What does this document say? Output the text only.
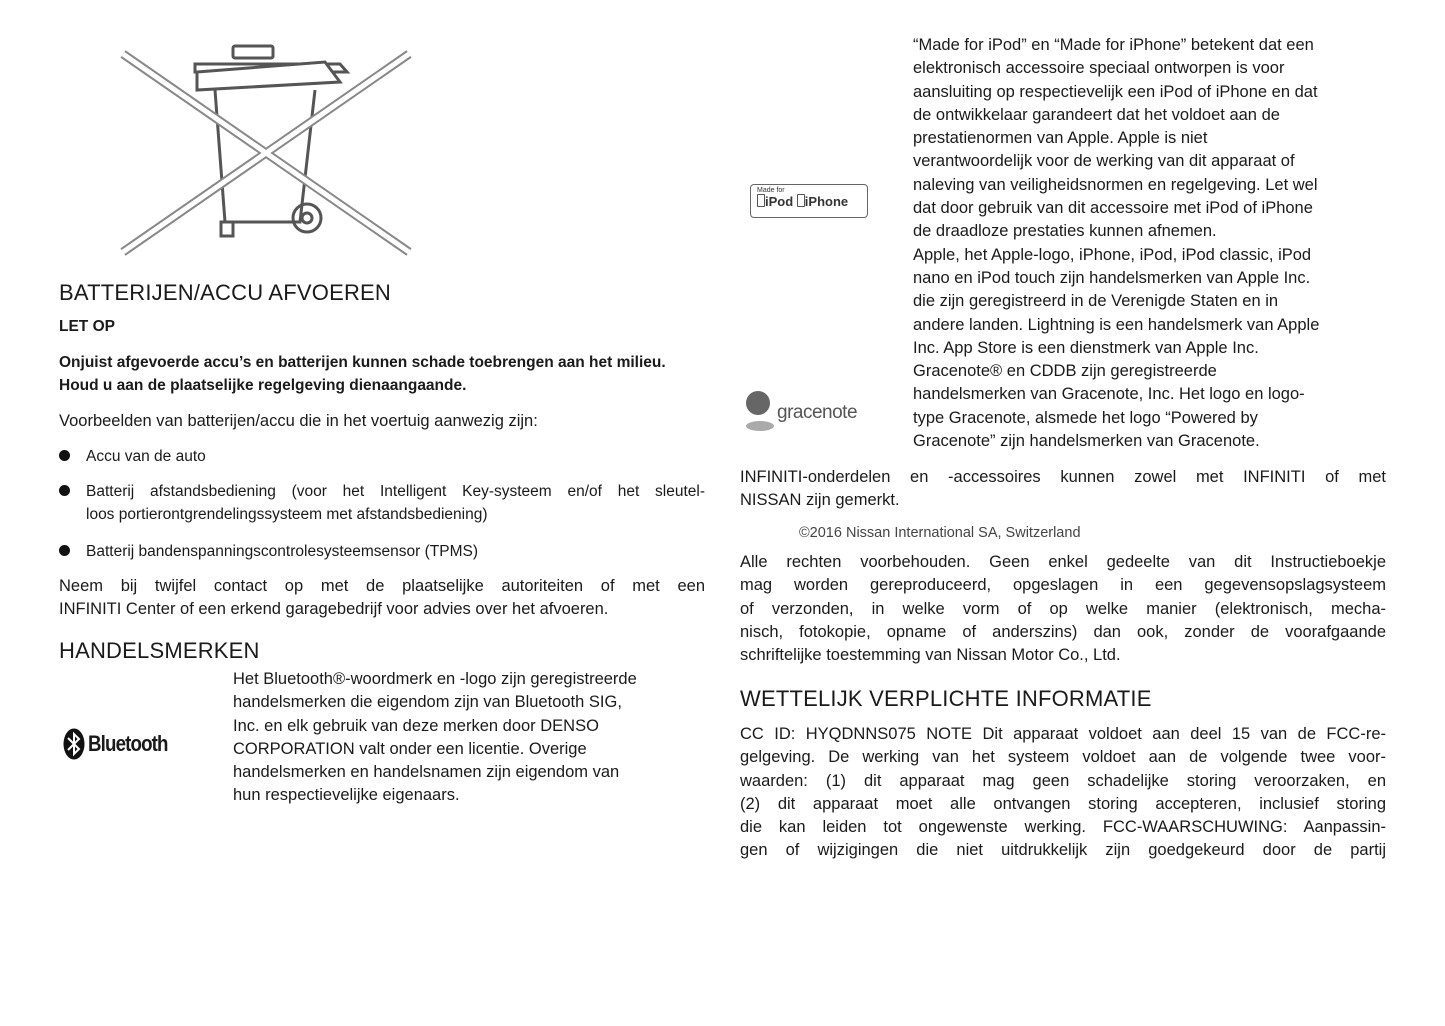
BATTERIJEN/ACCU AFVOEREN
LET OP
Onjuist afgevoerde accu’s en batterijen kunnen schade toebrengen aan het milieu.
Houd u aan de plaatselijke regelgeving dienaangaande.
Voorbeelden van batterijen/accu die in het voertuig aanwezig zijn:
Accu van de auto
Batterij afstandsbediening (voor het Intelligent Key-systeem en/of het sleutel-
loos portierontgrendelingssysteem met afstandsbediening)
Batterij bandenspanningscontrolesysteemsensor (TPMS)
Neem bij twijfel contact op met de plaatselijke autoriteiten of met een
INFINITI Center of een erkend garagebedrijf voor advies over het afvoeren.
HANDELSMERKEN
Bluetooth
Het Bluetooth®-woordmerk en -logo zijn geregistreerde
handelsmerken die eigendom zijn van Bluetooth SIG,
Inc. en elk gebruik van deze merken door DENSO
CORPORATION valt onder een licentie. Overige
handelsmerken en handelsnamen zijn eigendom van
hun respectievelijke eigenaars.
Made for
iPod iPhone
“Made for iPod” en “Made for iPhone” betekent dat een
elektronisch accessoire speciaal ontworpen is voor
aansluiting op respectievelijk een iPod of iPhone en dat
de ontwikkelaar garandeert dat het voldoet aan de
prestatienormen van Apple. Apple is niet
verantwoordelijk voor de werking van dit apparaat of
naleving van veiligheidsnormen en regelgeving. Let wel
dat door gebruik van dit accessoire met iPod of iPhone
de draadloze prestaties kunnen afnemen.
Apple, het Apple-logo, iPhone, iPod, iPod classic, iPod
nano en iPod touch zijn handelsmerken van Apple Inc.
die zijn geregistreerd in de Verenigde Staten en in
andere landen. Lightning is een handelsmerk van Apple
Inc. App Store is een dienstmerk van Apple Inc.
Gracenote® en CDDB zijn geregistreerde
handelsmerken van Gracenote, Inc. Het logo en logo-
type Gracenote, alsmede het logo “Powered by
Gracenote” zijn handelsmerken van Gracenote.
gracenote
INFINITI-onderdelen en -accessoires kunnen zowel met INFINITI of met
NISSAN zijn gemerkt.
©2016 Nissan International SA, Switzerland
Alle rechten voorbehouden. Geen enkel gedeelte van dit Instructieboekje
mag worden gereproduceerd, opgeslagen in een gegevensopslagsysteem
of verzonden, in welke vorm of op welke manier (elektronisch, mecha-
nisch, fotokopie, opname of anderszins) dan ook, zonder de voorafgaande
schriftelijke toestemming van Nissan Motor Co., Ltd.
WETTELIJK VERPLICHTE INFORMATIE
CC ID: HYQDNNS075 NOTE Dit apparaat voldoet aan deel 15 van de FCC-re-
gelgeving. De werking van het systeem voldoet aan de volgende twee voor-
waarden: (1) dit apparaat mag geen schadelijke storing veroorzaken, en
(2) dit apparaat moet alle ontvangen storing accepteren, inclusief storing
die kan leiden tot ongewenste werking. FCC-WAARSCHUWING: Aanpassin-
gen of wijzigingen die niet uitdrukkelijk zijn goedgekeurd door de partij
